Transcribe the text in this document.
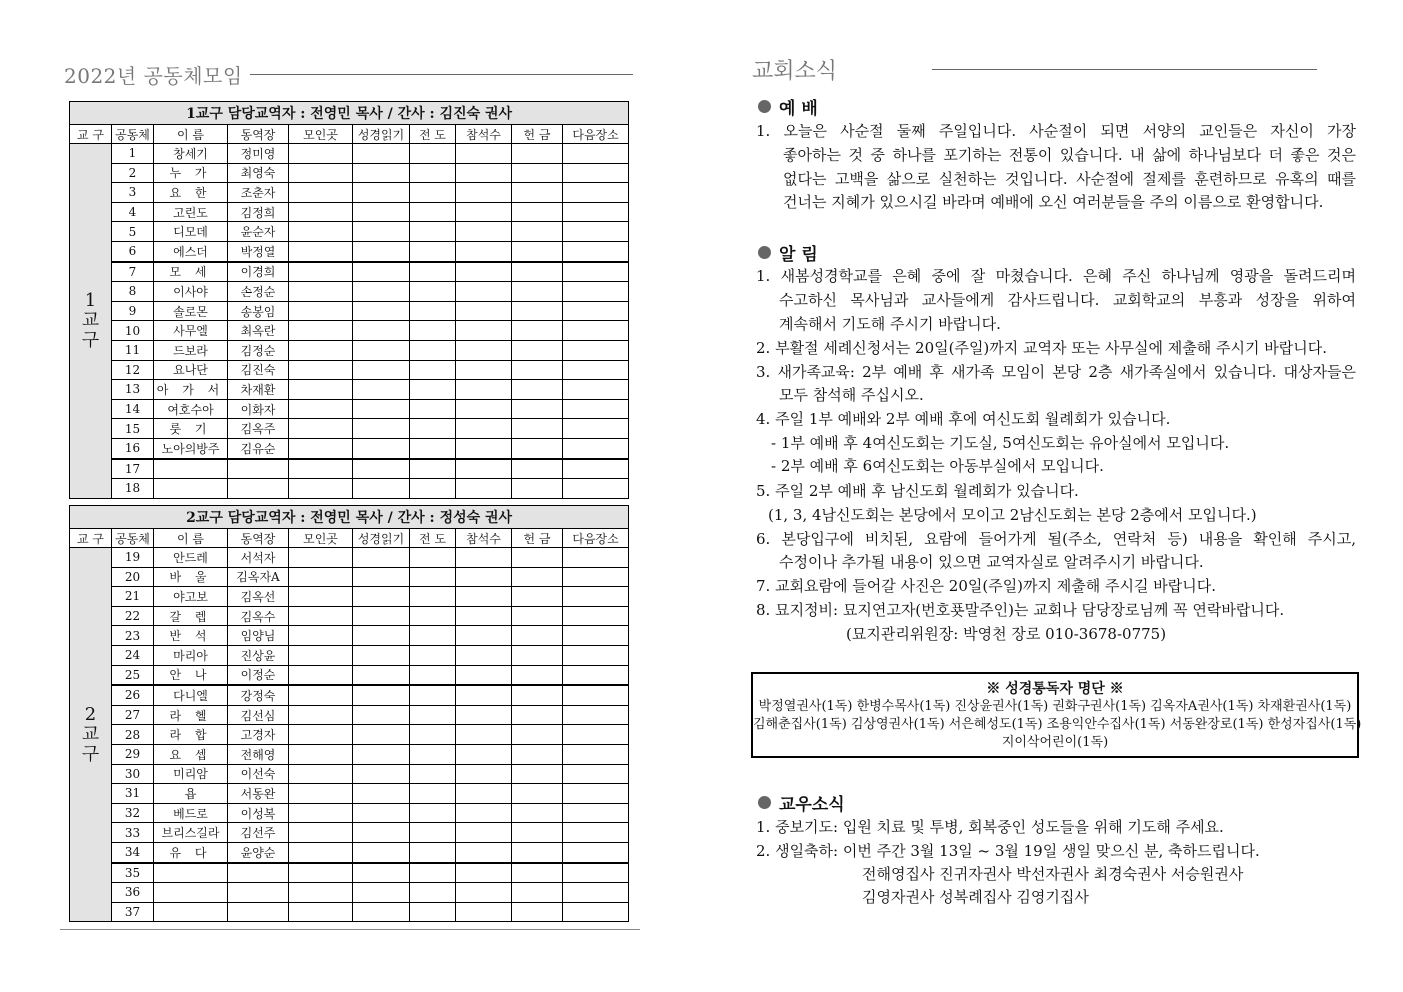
2022년 공동체모임
1교구 담당교역자 : 전영민 목사 / 간사 : 김진숙 권사									
교 구	공동체	이 름	동역장	모인곳	성경읽기	전 도	참석수	헌 금	다음장소

1
교
구	1	창세기	정미영						
	2	누 가	최영숙						
	3	요 한	조춘자						
	4	고린도	김정희						
	5	디모데	윤순자						
	6	에스더	박정열						
	7	모 세	이경희						
	8	이사야	손정순						
	9	솔로몬	송봉임						
	10	사무엘	최옥란						
	11	드보라	김정순						
	12	요나단	김진숙						
	13	아 가 서	차재환						
	14	여호수아	이화자						
	15	룻 기	김옥주						
	16	노아의방주	김유순						
	17								
	18								
2교구 담당교역자 : 전영민 목사 / 간사 : 정성숙 권사									
교 구	공동체	이 름	동역장	모인곳	성경읽기	전 도	참석수	헌 금	다음장소

2
교
구	19	안드레	서석자						
	20	바 울	김옥자A						
	21	야고보	김옥선						
	22	갈 렙	김옥수						
	23	반 석	임양님						
	24	마리아	진상윤						
	25	안 나	이정순						
	26	다니엘	강정숙						
	27	라 헬	김선심						
	28	라 합	고경자						
	29	요 셉	전해영						
	30	미리암	이선숙						
	31	욥	서동완						
	32	베드로	이성복						
	33	브리스길라	김선주						
	34	유 다	윤양순						
	35								
	36								
	37								
교회소식
예 배
1. 오늘은 사순절 둘째 주일입니다. 사순절이 되면 서양의 교인들은 자신이 가장
좋아하는 것 중 하나를 포기하는 전통이 있습니다. 내 삶에 하나님보다 더 좋은 것은
없다는 고백을 삶으로 실천하는 것입니다. 사순절에 절제를 훈련하므로 유혹의 때를
건너는 지혜가 있으시길 바라며 예배에 오신 여러분들을 주의 이름으로 환영합니다.
알 림
1. 새봄성경학교를 은혜 중에 잘 마쳤습니다. 은혜 주신 하나님께 영광을 돌려드리며
수고하신 목사님과 교사들에게 감사드립니다. 교회학교의 부흥과 성장을 위하여
계속해서 기도해 주시기 바랍니다.
2. 부활절 세례신청서는 20일(주일)까지 교역자 또는 사무실에 제출해 주시기 바랍니다.
3. 새가족교육: 2부 예배 후 새가족 모임이 본당 2층 새가족실에서 있습니다. 대상자들은
모두 참석해 주십시오.
4. 주일 1부 예배와 2부 예배 후에 여신도회 월례회가 있습니다.
- 1부 예배 후 4여신도회는 기도실, 5여신도회는 유아실에서 모입니다.
- 2부 예배 후 6여신도회는 아동부실에서 모입니다.
5. 주일 2부 예배 후 남신도회 월례회가 있습니다.
(1, 3, 4남신도회는 본당에서 모이고 2남신도회는 본당 2층에서 모입니다.)
6. 본당입구에 비치된, 요람에 들어가게 될(주소, 연락처 등) 내용을 확인해 주시고,
수정이나 추가될 내용이 있으면 교역자실로 알려주시기 바랍니다.
7. 교회요람에 들어갈 사진은 20일(주일)까지 제출해 주시길 바랍니다.
8. 묘지정비: 묘지연고자(번호푯말주인)는 교회나 담당장로님께 꼭 연락바랍니다.
(묘지관리위원장: 박영천 장로 010-3678-0775)
※ 성경통독자 명단 ※
박정열권사(1독) 한병수목사(1독) 진상윤권사(1독) 권화구권사(1독) 김옥자A권사(1독) 차재환권사(1독)
김해춘집사(1독) 김상영권사(1독) 서은혜성도(1독) 조용익안수집사(1독) 서동완장로(1독) 한성자집사(1독)
지이삭어린이(1독)
교우소식
1. 중보기도: 입원 치료 및 투병, 회복중인 성도들을 위해 기도해 주세요.
2. 생일축하: 이번 주간 3월 13일 ~ 3월 19일 생일 맞으신 분, 축하드립니다.
전해영집사 진귀자권사 박선자권사 최경숙권사 서승원권사
김영자권사 성복례집사 김영기집사
